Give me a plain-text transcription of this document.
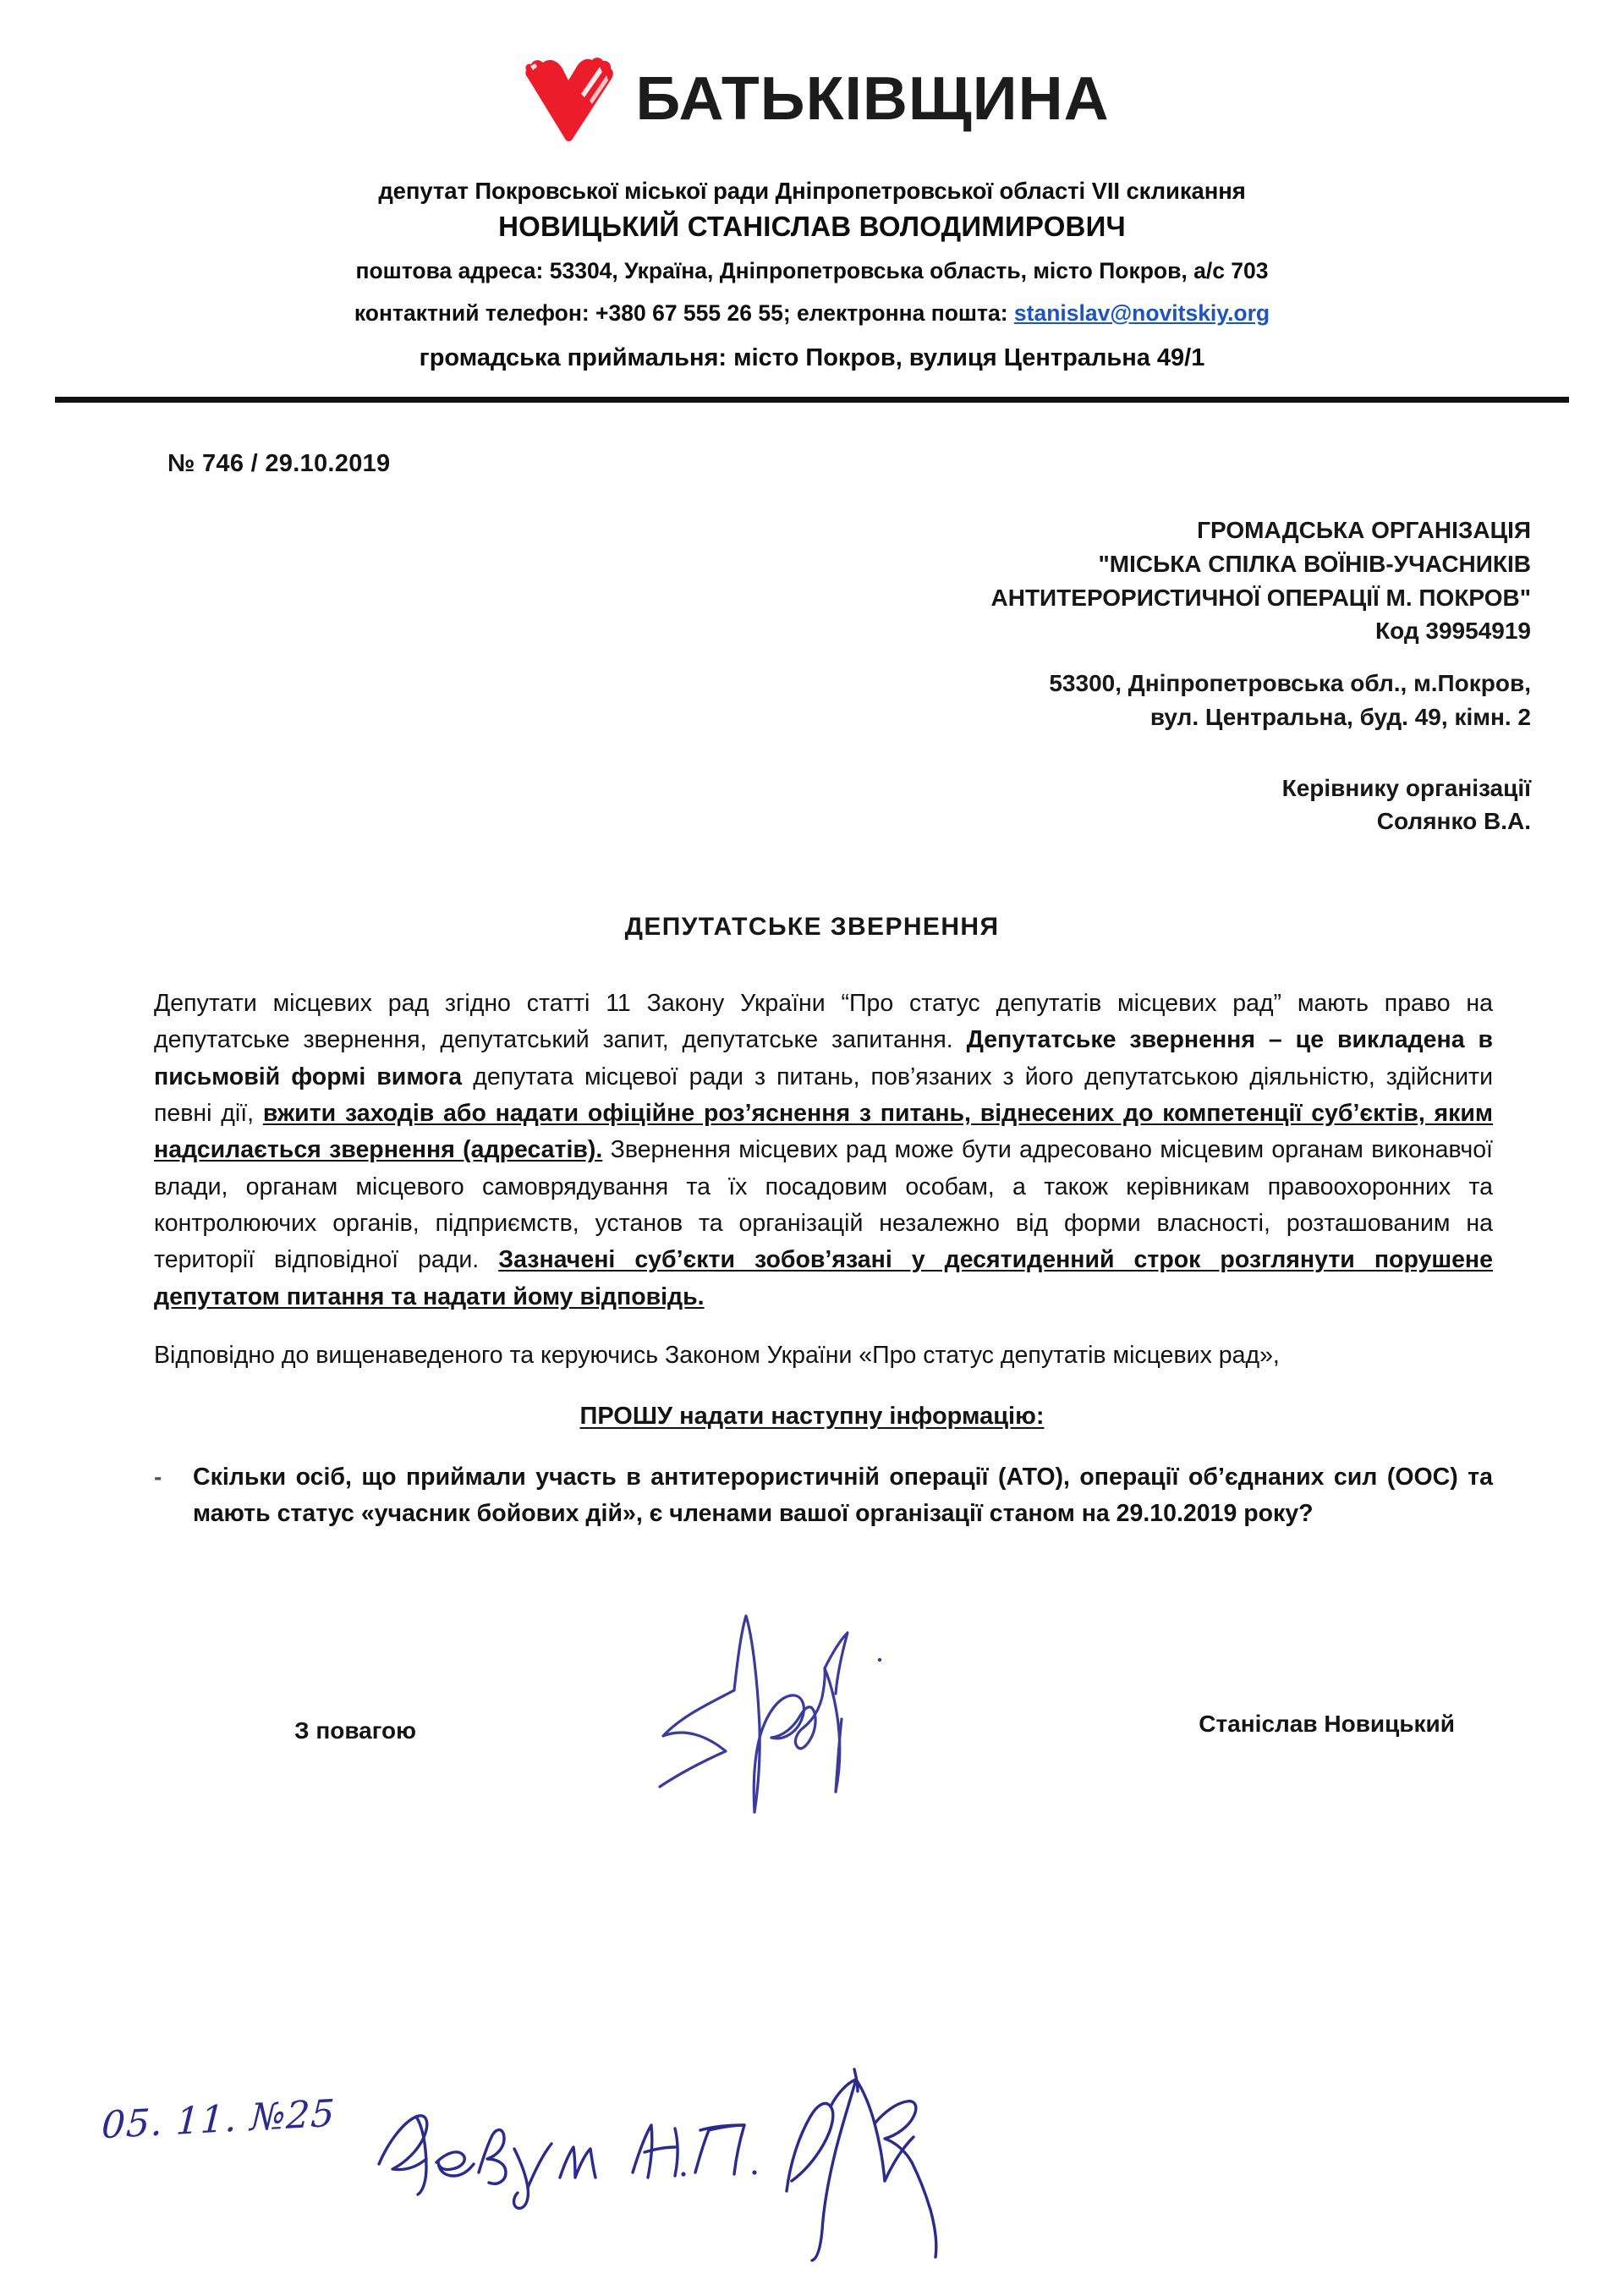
БАТЬКІВЩИНА
депутат Покровської міської ради Дніпропетровської області VII скликання
НОВИЦЬКИЙ СТАНІСЛАВ ВОЛОДИМИРОВИЧ
поштова адреса: 53304, Україна, Дніпропетровська область, місто Покров, а/с 703
контактний телефон: +380 67 555 26 55; електронна пошта: stanislav@novitskiy.org
громадська приймальня: місто Покров, вулиця Центральна 49/1
№ 746 / 29.10.2019
ГРОМАДСЬКА ОРГАНІЗАЦІЯ
"МІСЬКА СПІЛКА ВОЇНІВ-УЧАСНИКІВ
АНТИТЕРОРИСТИЧНОЇ ОПЕРАЦІЇ М. ПОКРОВ"
Код 39954919
53300, Дніпропетровська обл., м.Покров,
вул. Центральна, буд. 49, кімн. 2
Керівнику організації
Солянко В.А.
ДЕПУТАТСЬКЕ ЗВЕРНЕННЯ

Депутати місцевих рад згідно статті 11 Закону України “Про статус депутатів місцевих рад” мають право на депутатське звернення, депутатський запит, депутатське запитання. Депутатське звернення – це викладена в письмовій формі вимога депутата місцевої ради з питань, пов’язаних з його депутатською діяльністю, здійснити певні дії, вжити заходів або надати офіційне роз’яснення з питань, віднесених до компетенції суб’єктів, яким надсилається звернення (адресатів). Звернення місцевих рад може бути адресовано місцевим органам виконавчої влади, органам місцевого самоврядування та їх посадовим особам, а також керівникам правоохоронних та контролюючих органів, підприємств, установ та організацій незалежно від форми власності, розташованим на території відповідної ради. Зазначені суб’єкти зобов’язані у десятиденний строк розглянути порушене депутатом питання та надати йому відповідь.

Відповідно до вищенаведеного та керуючись Законом України «Про статус депутатів місцевих рад»,

ПРОШУ надати наступну інформацію:
-	Скільки осіб, що приймали участь в антитерористичній операції (АТО), операції об’єднаних сил (ООС) та мають статус «учасник бойових дій», є членами вашої організації станом на 29.10.2019 року?
З повагою	Станіслав Новицький
05. 11. №25
